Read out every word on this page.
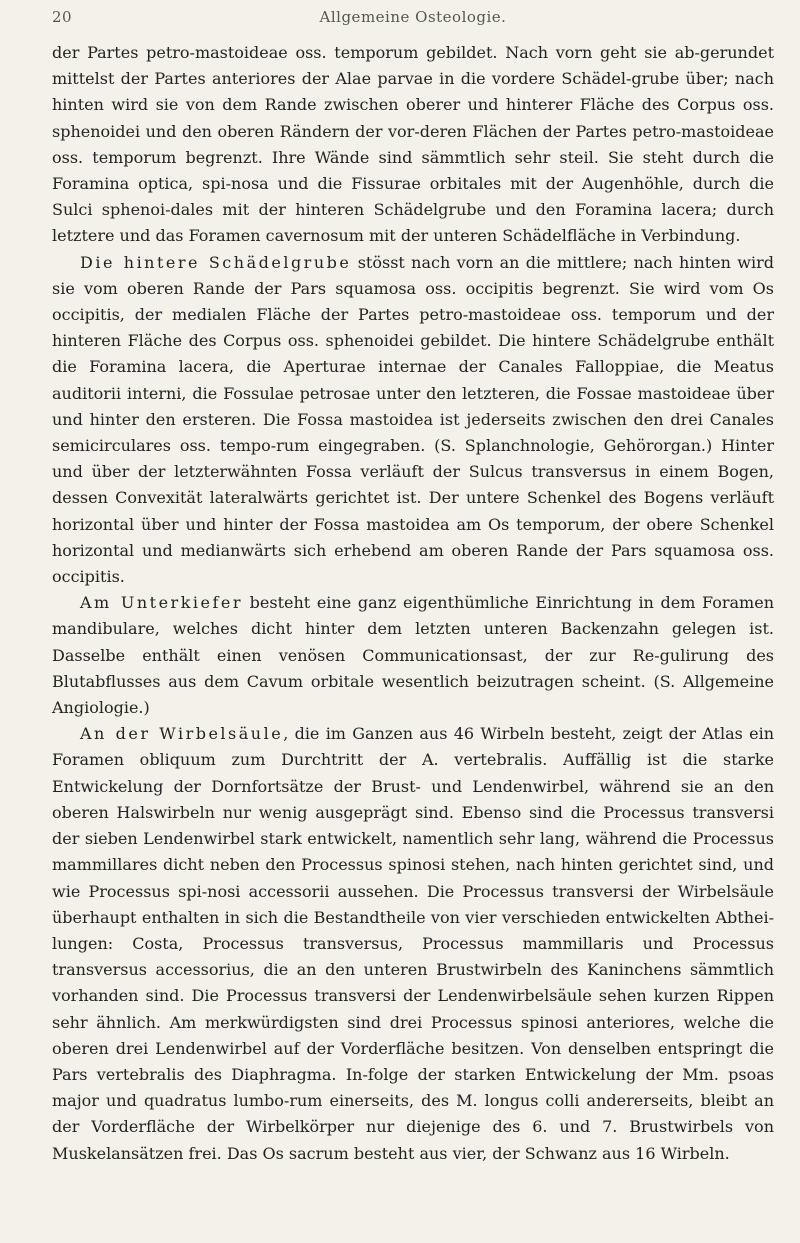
20	Allgemeine Osteologie.

der Partes petro-mastoideae oss. temporum gebildet. Nach vorn geht sie ab-gerundet mittelst der Partes anteriores der Alae parvae in die vordere Schädel-grube über; nach hinten wird sie von dem Rande zwischen oberer und hinterer Fläche des Corpus oss. sphenoidei und den oberen Rändern der vor-deren Flächen der Partes petro-mastoideae oss. temporum begrenzt. Ihre Wände sind sämmtlich sehr steil. Sie steht durch die Foramina optica, spi-nosa und die Fissurae orbitales mit der Augenhöhle, durch die Sulci sphenoi-dales mit der hinteren Schädelgrube und den Foramina lacera; durch letztere und das Foramen cavernosum mit der unteren Schädelfläche in Verbindung.

Die hintere Schädelgrube stösst nach vorn an die mittlere; nach hinten wird sie vom oberen Rande der Pars squamosa oss. occipitis begrenzt. Sie wird vom Os occipitis, der medialen Fläche der Partes petro-mastoideae oss. temporum und der hinteren Fläche des Corpus oss. sphenoidei gebildet. Die hintere Schädelgrube enthält die Foramina lacera, die Aperturae internae der Canales Falloppiae, die Meatus auditorii interni, die Fossulae petrosae unter den letzteren, die Fossae mastoideae über und hinter den ersteren. Die Fossa mastoidea ist jederseits zwischen den drei Canales semicirculares oss. tempo-rum eingegraben. (S. Splanchnologie, Gehörorgan.) Hinter und über der letzterwähnten Fossa verläuft der Sulcus transversus in einem Bogen, dessen Convexität lateralwärts gerichtet ist. Der untere Schenkel des Bogens verläuft horizontal über und hinter der Fossa mastoidea am Os temporum, der obere Schenkel horizontal und medianwärts sich erhebend am oberen Rande der Pars squamosa oss. occipitis.

Am Unterkiefer besteht eine ganz eigenthümliche Einrichtung in dem Foramen mandibulare, welches dicht hinter dem letzten unteren Backenzahn gelegen ist. Dasselbe enthält einen venösen Communicationsast, der zur Re-gulirung des Blutabflusses aus dem Cavum orbitale wesentlich beizutragen scheint. (S. Allgemeine Angiologie.)

An der Wirbelsäule, die im Ganzen aus 46 Wirbeln besteht, zeigt der Atlas ein Foramen obliquum zum Durchtritt der A. vertebralis. Auffällig ist die starke Entwickelung der Dornfortsätze der Brust- und Lendenwirbel, während sie an den oberen Halswirbeln nur wenig ausgeprägt sind. Ebenso sind die Processus transversi der sieben Lendenwirbel stark entwickelt, namentlich sehr lang, während die Processus mammillares dicht neben den Processus spinosi stehen, nach hinten gerichtet sind, und wie Processus spi-nosi accessorii aussehen. Die Processus transversi der Wirbelsäule überhaupt enthalten in sich die Bestandtheile von vier verschieden entwickelten Abthei-lungen: Costa, Processus transversus, Processus mammillaris und Processus transversus accessorius, die an den unteren Brustwirbeln des Kaninchens sämmtlich vorhanden sind. Die Processus transversi der Lendenwirbelsäule sehen kurzen Rippen sehr ähnlich. Am merkwürdigsten sind drei Processus spinosi anteriores, welche die oberen drei Lendenwirbel auf der Vorderfläche besitzen. Von denselben entspringt die Pars vertebralis des Diaphragma. In-folge der starken Entwickelung der Mm. psoas major und quadratus lumbo-rum einerseits, des M. longus colli andererseits, bleibt an der Vorderfläche der Wirbelkörper nur diejenige des 6. und 7. Brustwirbels von Muskelansätzen frei. Das Os sacrum besteht aus vier, der Schwanz aus 16 Wirbeln.
